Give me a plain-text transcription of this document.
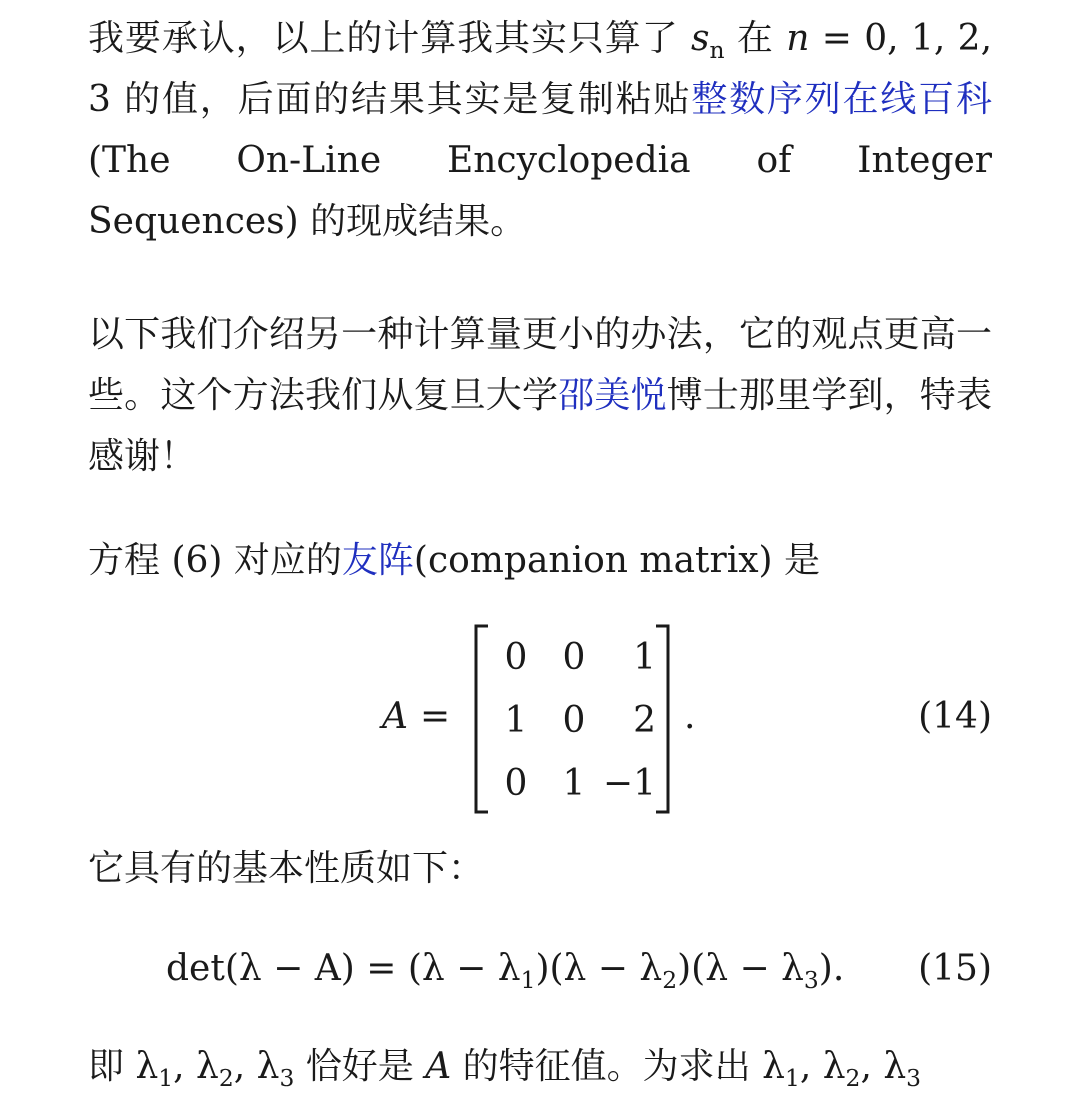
我要承认，以上的计算我其实只算了 $s_n$ 在 n = 0, 1, 2, 3 的值，后面的结果其实是复制粘贴整数序列在线百科(The On-Line Encyclopedia of Integer Sequences) 的现成结果。

以下我们介绍另一种计算量更小的办法，它的观点更高一些。这个方法我们从复旦大学邵美悦博士那里学到，特表感谢！

方程 (6) 对应的友阵(companion matrix) 是

A =
0 0	1
1 0	2
0 1 −1
.	(14)

它具有的基本性质如下：

$\det(\lambda - A) = (\lambda - \lambda_1)(\lambda - \lambda_2)(\lambda - \lambda_3)$. (15)

即 $\lambda_1$, $\lambda_2$, $\lambda_3$ 恰好是 A 的特征值。为求出 $\lambda_1$, $\lambda_2$, $\lambda_3$
